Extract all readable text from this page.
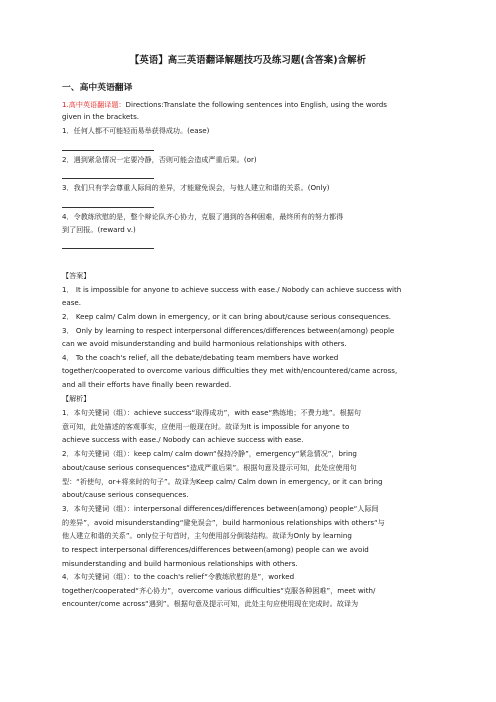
【英语】高三英语翻译解题技巧及练习题(含答案)含解析
一、高中英语翻译
1.高中英语翻译题：Directions:Translate the following sentences into English, using the words
given in the brackets.
1．任何人都不可能轻而易举获得成功。(ease)
2．遇到紧急情况一定要冷静，否则可能会造成严重后果。(or)
3．我们只有学会尊重人际间的差异，才能避免误会，与他人建立和谐的关系。(Only)
4．令教练欣慰的是，整个辩论队齐心协力，克服了遇到的各种困难，最终所有的努力都得
到了回报。(reward v.)
【答案】
1． It is impossible for anyone to achieve success with ease./ Nobody can achieve success with
ease.
2． Keep calm/ Calm down in emergency, or it can bring about/cause serious consequences.
3． Only by learning to respect interpersonal differences/differences between(among) people
can we avoid misunderstanding and build harmonious relationships with others.
4． To the coach's relief, all the debate/debating team members have worked
together/cooperated to overcome various difficulties they met with/encountered/came across,
and all their efforts have finally been rewarded.
【解析】
1．本句关键词（组）：achieve success“取得成功”，with ease“熟练地；不费力地”。根据句
意可知，此处描述的客观事实，应使用一般现在时。故译为It is impossible for anyone to
achieve success with ease./ Nobody can achieve success with ease.
2．本句关键词（组）：keep calm/ calm down“保持冷静”，emergency“紧急情况”，bring
about/cause serious consequences“造成严重后果”。根据句意及提示可知，此处应使用句
型：“祈使句，or+将来时的句子”。故译为Keep calm/ Calm down in emergency, or it can bring
about/cause serious consequences.
3．本句关键词（组）：interpersonal differences/differences between(among) people“人际间
的差异”，avoid misunderstanding“避免误会”，build harmonious relationships with others“与
他人建立和谐的关系”。only位于句首时，主句使用部分倒装结构。故译为Only by learning
to respect interpersonal differences/differences between(among) people can we avoid
misunderstanding and build harmonious relationships with others.
4．本句关键词（组）：to the coach's relief“令教练欣慰的是”，worked
together/cooperated“齐心协力”，overcome various difficulties“克服各种困难”，meet with/
encounter/come across“遇到”。根据句意及提示可知，此处主句应使用现在完成时。故译为
